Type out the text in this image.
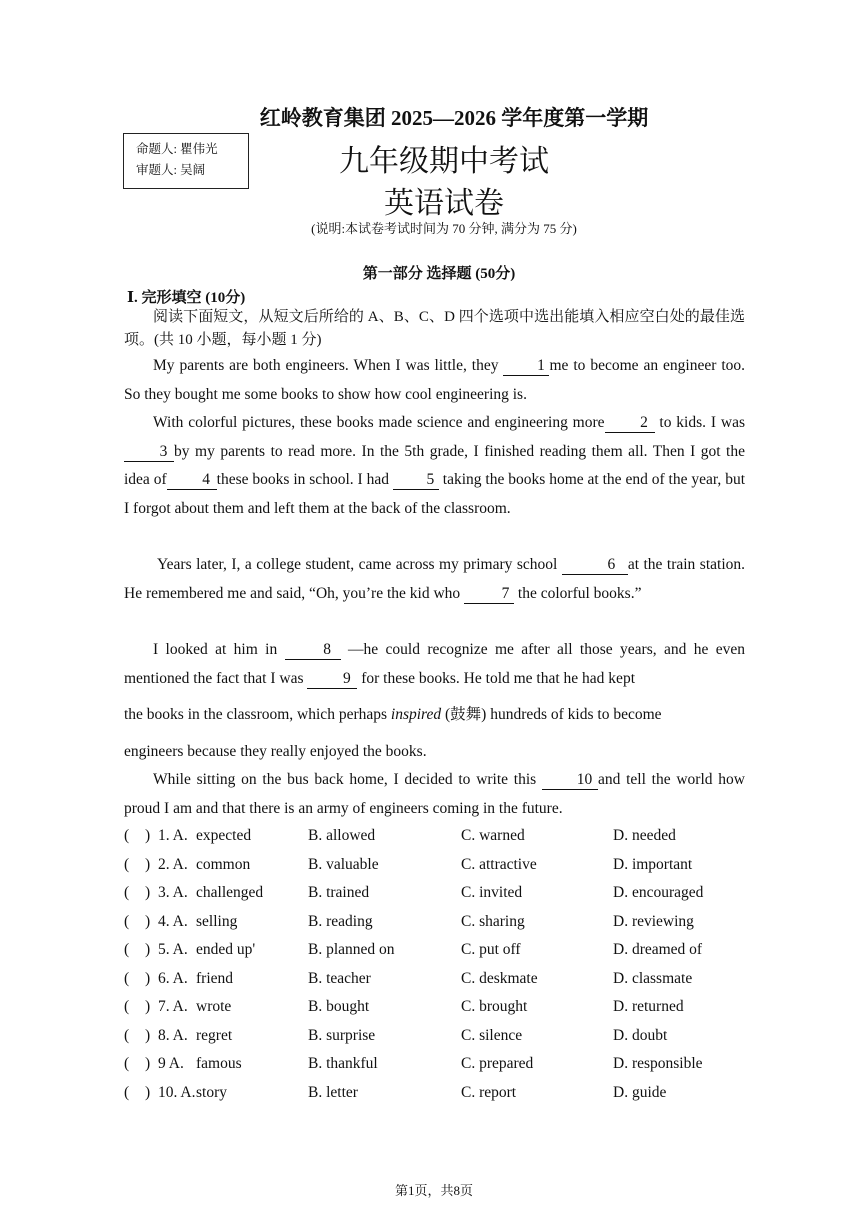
红岭教育集团 2025—2026 学年度第一学期
命题人: 瞿伟光
审题人: 吴阔	九年级期中考试
英语试卷
(说明:本试卷考试时间为 70 分钟, 满分为 75 分)
第一部分 选择题 (50分)
Ⅰ. 完形填空 (10分)
阅读下面短文，从短文后所给的 A、B、C、D 四个选项中选出能填入相应空白处的最佳选项。(共 10 小题，每小题 1 分)
My parents are both engineers. When I was little, they 1 me to become an engineer too. So they bought me some books to show how cool engineering is.
With colorful pictures, these books made science and engineering more 2 to kids. I was 3 by my parents to read more. In the 5th grade, I finished reading them all. Then I got the idea of 4 these books in school. I had 5 taking the books home at the end of the year, but I forgot about them and left them at the back of the classroom.
Years later, I, a college student, came across my primary school	6 at the train station. He remembered me and said, “Oh, you’re the kid who	7 the colorful books.”
I looked at him in	8 —he could recognize me after all those years, and he even mentioned the fact that I was	9 for these books. He told me that he had kept
the books in the classroom, which perhaps inspired (鼓舞) hundreds of kids to become
engineers because they really enjoyed the books.
While sitting on the bus back home, I decided to write this	10 and tell the world how proud I am and that there is an army of engineers coming in the future.
( ) 1. A. expected	B. allowed	C. warned	D. needed
( ) 2. A. common	B. valuable	C. attractive	D. important
( ) 3. A. challenged	B. trained	C. invited	D. encouraged
( ) 4. A. selling	B. reading	C. sharing	D. reviewing
( ) 5. A. ended up'	B. planned on	C. put off	D. dreamed of
( ) 6. A. friend	B. teacher	C. deskmate	D. classmate
( ) 7. A. wrote	B. bought	C. brought	D. returned
( ) 8. A. regret	B. surprise	C. silence	D. doubt
( ) 9 A. famous	B. thankful	C. prepared	D. responsible
( ) 10. A. story	B. letter	C. report	D. guide
第1页，共8页
